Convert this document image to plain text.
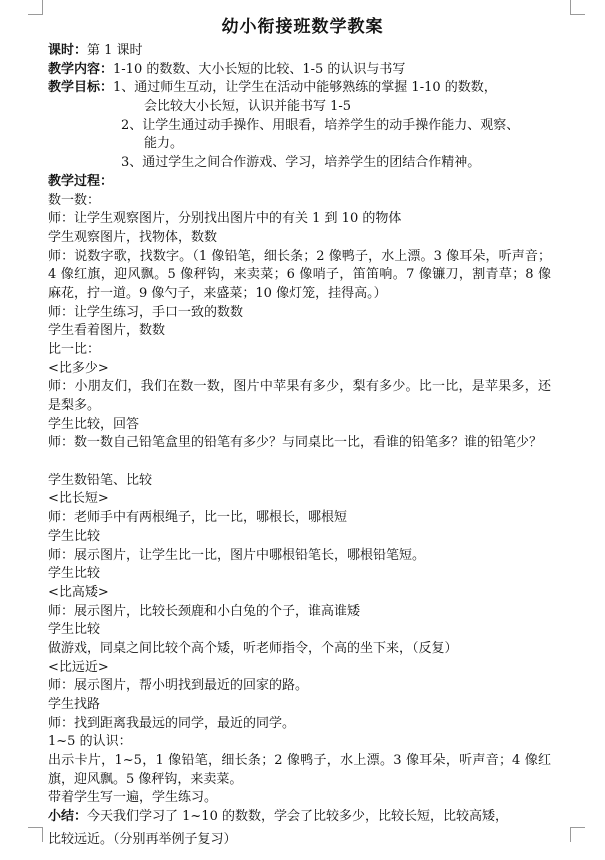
幼小衔接班数学教案
课时：第 1 课时
教学内容：1-10 的数数、大小长短的比较、1-5 的认识与书写
教学目标：1、通过师生互动，让学生在活动中能够熟练的掌握 1-10 的数数，
会比较大小长短，认识并能书写 1-5
2、让学生通过动手操作、用眼看，培养学生的动手操作能力、观察、
能力。
3、通过学生之间合作游戏、学习，培养学生的团结合作精神。
教学过程：
数一数：
师：让学生观察图片，分别找出图片中的有关 1 到 10 的物体
学生观察图片，找物体，数数
师：说数字歌，找数字。（1 像铅笔，细长条；2 像鸭子，水上漂。3 像耳朵，听声音；4 像红旗，迎风飘。5 像秤钩，来卖菜；6 像哨子，笛笛响。7 像镰刀，割青草；8 像麻花，拧一道。9 像勺子，来盛菜；10 像灯笼，挂得高。）
师：让学生练习，手口一致的数数
学生看着图片，数数
比一比：
<比多少>
师：小朋友们，我们在数一数，图片中苹果有多少，梨有多少。比一比，是苹果多，还是梨多。
学生比较，回答
师：数一数自己铅笔盒里的铅笔有多少？与同桌比一比，看谁的铅笔多？谁的铅笔少？
学生数铅笔、比较
<比长短>
师：老师手中有两根绳子，比一比，哪根长，哪根短
学生比较
师：展示图片，让学生比一比，图片中哪根铅笔长，哪根铅笔短。
学生比较
<比高矮>
师：展示图片，比较长颈鹿和小白兔的个子，谁高谁矮
学生比较
做游戏，同桌之间比较个高个矮，听老师指令，个高的坐下来，（反复）
<比远近>
师：展示图片，帮小明找到最近的回家的路。
学生找路
师：找到距离我最远的同学，最近的同学。
1~5 的认识：
出示卡片，1~5，1 像铅笔，细长条；2 像鸭子，水上漂。3 像耳朵，听声音；4 像红旗，迎风飘。5 像秤钩，来卖菜。
带着学生写一遍，学生练习。
小结：今天我们学习了 1~10 的数数，学会了比较多少，比较长短，比较高矮，
比较远近。（分别再举例子复习）
